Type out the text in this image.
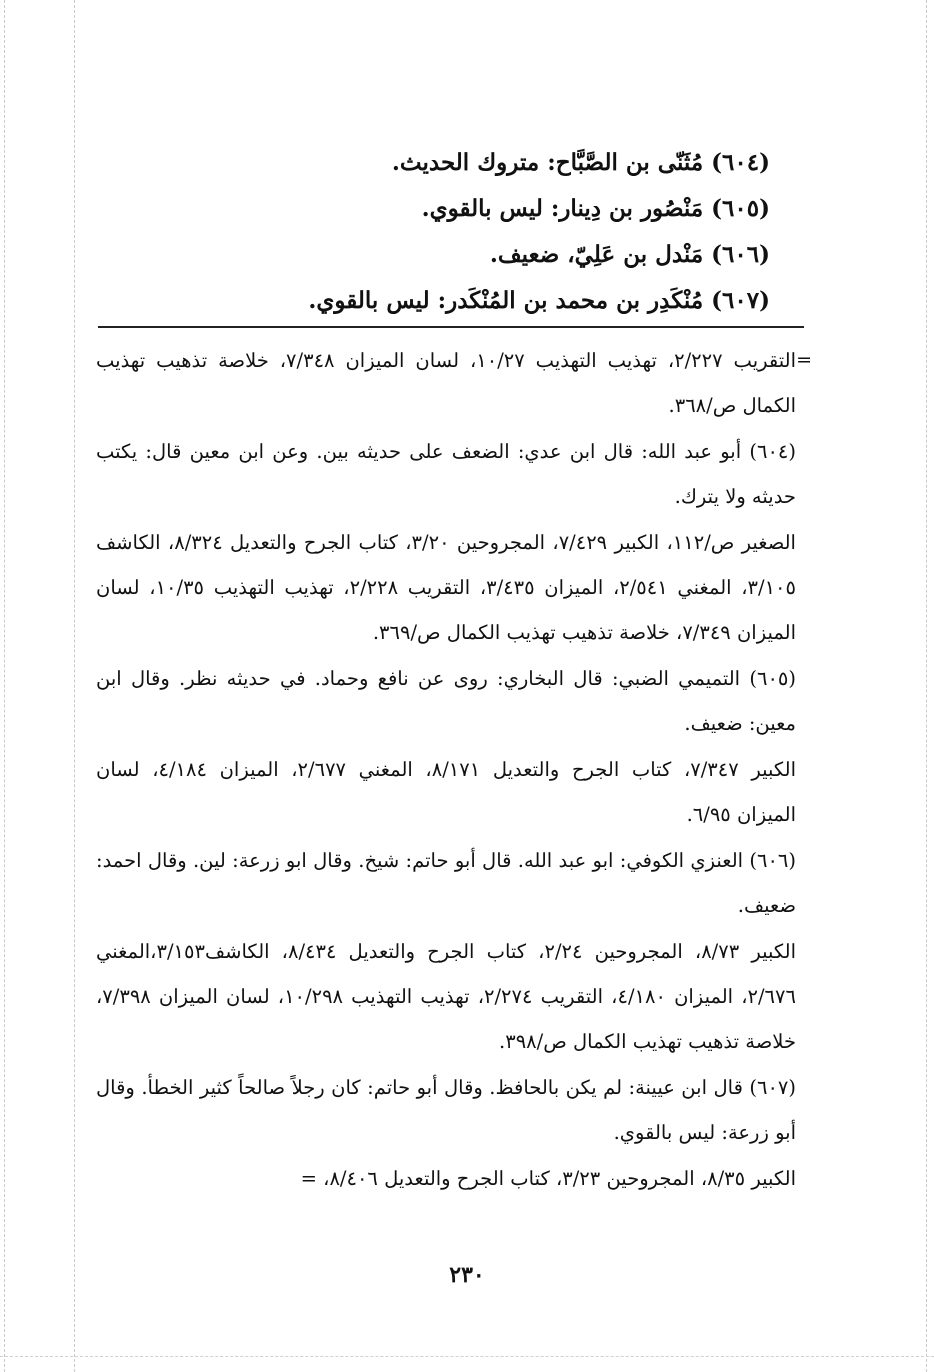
(٦٠٤) مُثَنّى بن الصَّبَّاح: متروك الحديث.
(٦٠٥) مَنْصُور بن دِينار: ليس بالقوي.
(٦٠٦) مَنْدل بن عَلِيّ، ضعيف.
(٦٠٧) مُنْكَدِر بن محمد بن المُنْكَدر: ليس بالقوي.

=
التقريب ٢/٢٢٧، تهذيب التهذيب ١٠/٢٧، لسان الميزان ٧/٣٤٨، خلاصة تذهيب تهذيب الكمال ص/٣٦٨.

(٦٠٤) أبو عبد الله: قال ابن عدي: الضعف على حديثه بين. وعن ابن معين قال: يكتب حديثه ولا يترك.

الصغير ص/١١٢، الكبير ٧/٤٢٩، المجروحين ٣/٢٠، كتاب الجرح والتعديل ٨/٣٢٤، الكاشف ٣/١٠٥، المغني ٢/٥٤١، الميزان ٣/٤٣٥، التقريب ٢/٢٢٨، تهذيب التهذيب ١٠/٣٥، لسان الميزان ٧/٣٤٩، خلاصة تذهيب تهذيب الكمال ص/٣٦٩.

(٦٠٥) التميمي الضبي: قال البخاري: روى عن نافع وحماد. في حديثه نظر. وقال ابن معين: ضعيف.

الكبير ٧/٣٤٧، كتاب الجرح والتعديل ٨/١٧١، المغني ٢/٦٧٧، الميزان ٤/١٨٤، لسان الميزان ٦/٩٥.

(٦٠٦) العنزي الكوفي: ابو عبد الله. قال أبو حاتم: شيخ. وقال ابو زرعة: لين. وقال احمد: ضعيف.

الكبير ٨/٧٣، المجروحين ٢/٢٤، كتاب الجرح والتعديل ٨/٤٣٤، الكاشف٣/١٥٣،المغني ٢/٦٧٦، الميزان ٤/١٨٠، التقريب ٢/٢٧٤، تهذيب التهذيب ١٠/٢٩٨، لسان الميزان ٧/٣٩٨، خلاصة تذهيب تهذيب الكمال ص/٣٩٨.

(٦٠٧) قال ابن عيينة: لم يكن بالحافظ. وقال أبو حاتم: كان رجلاً صالحاً كثير الخطأ. وقال أبو زرعة: ليس بالقوي.

الكبير ٨/٣٥، المجروحين ٣/٢٣، كتاب الجرح والتعديل ٨/٤٠٦، =

٢٣٠
